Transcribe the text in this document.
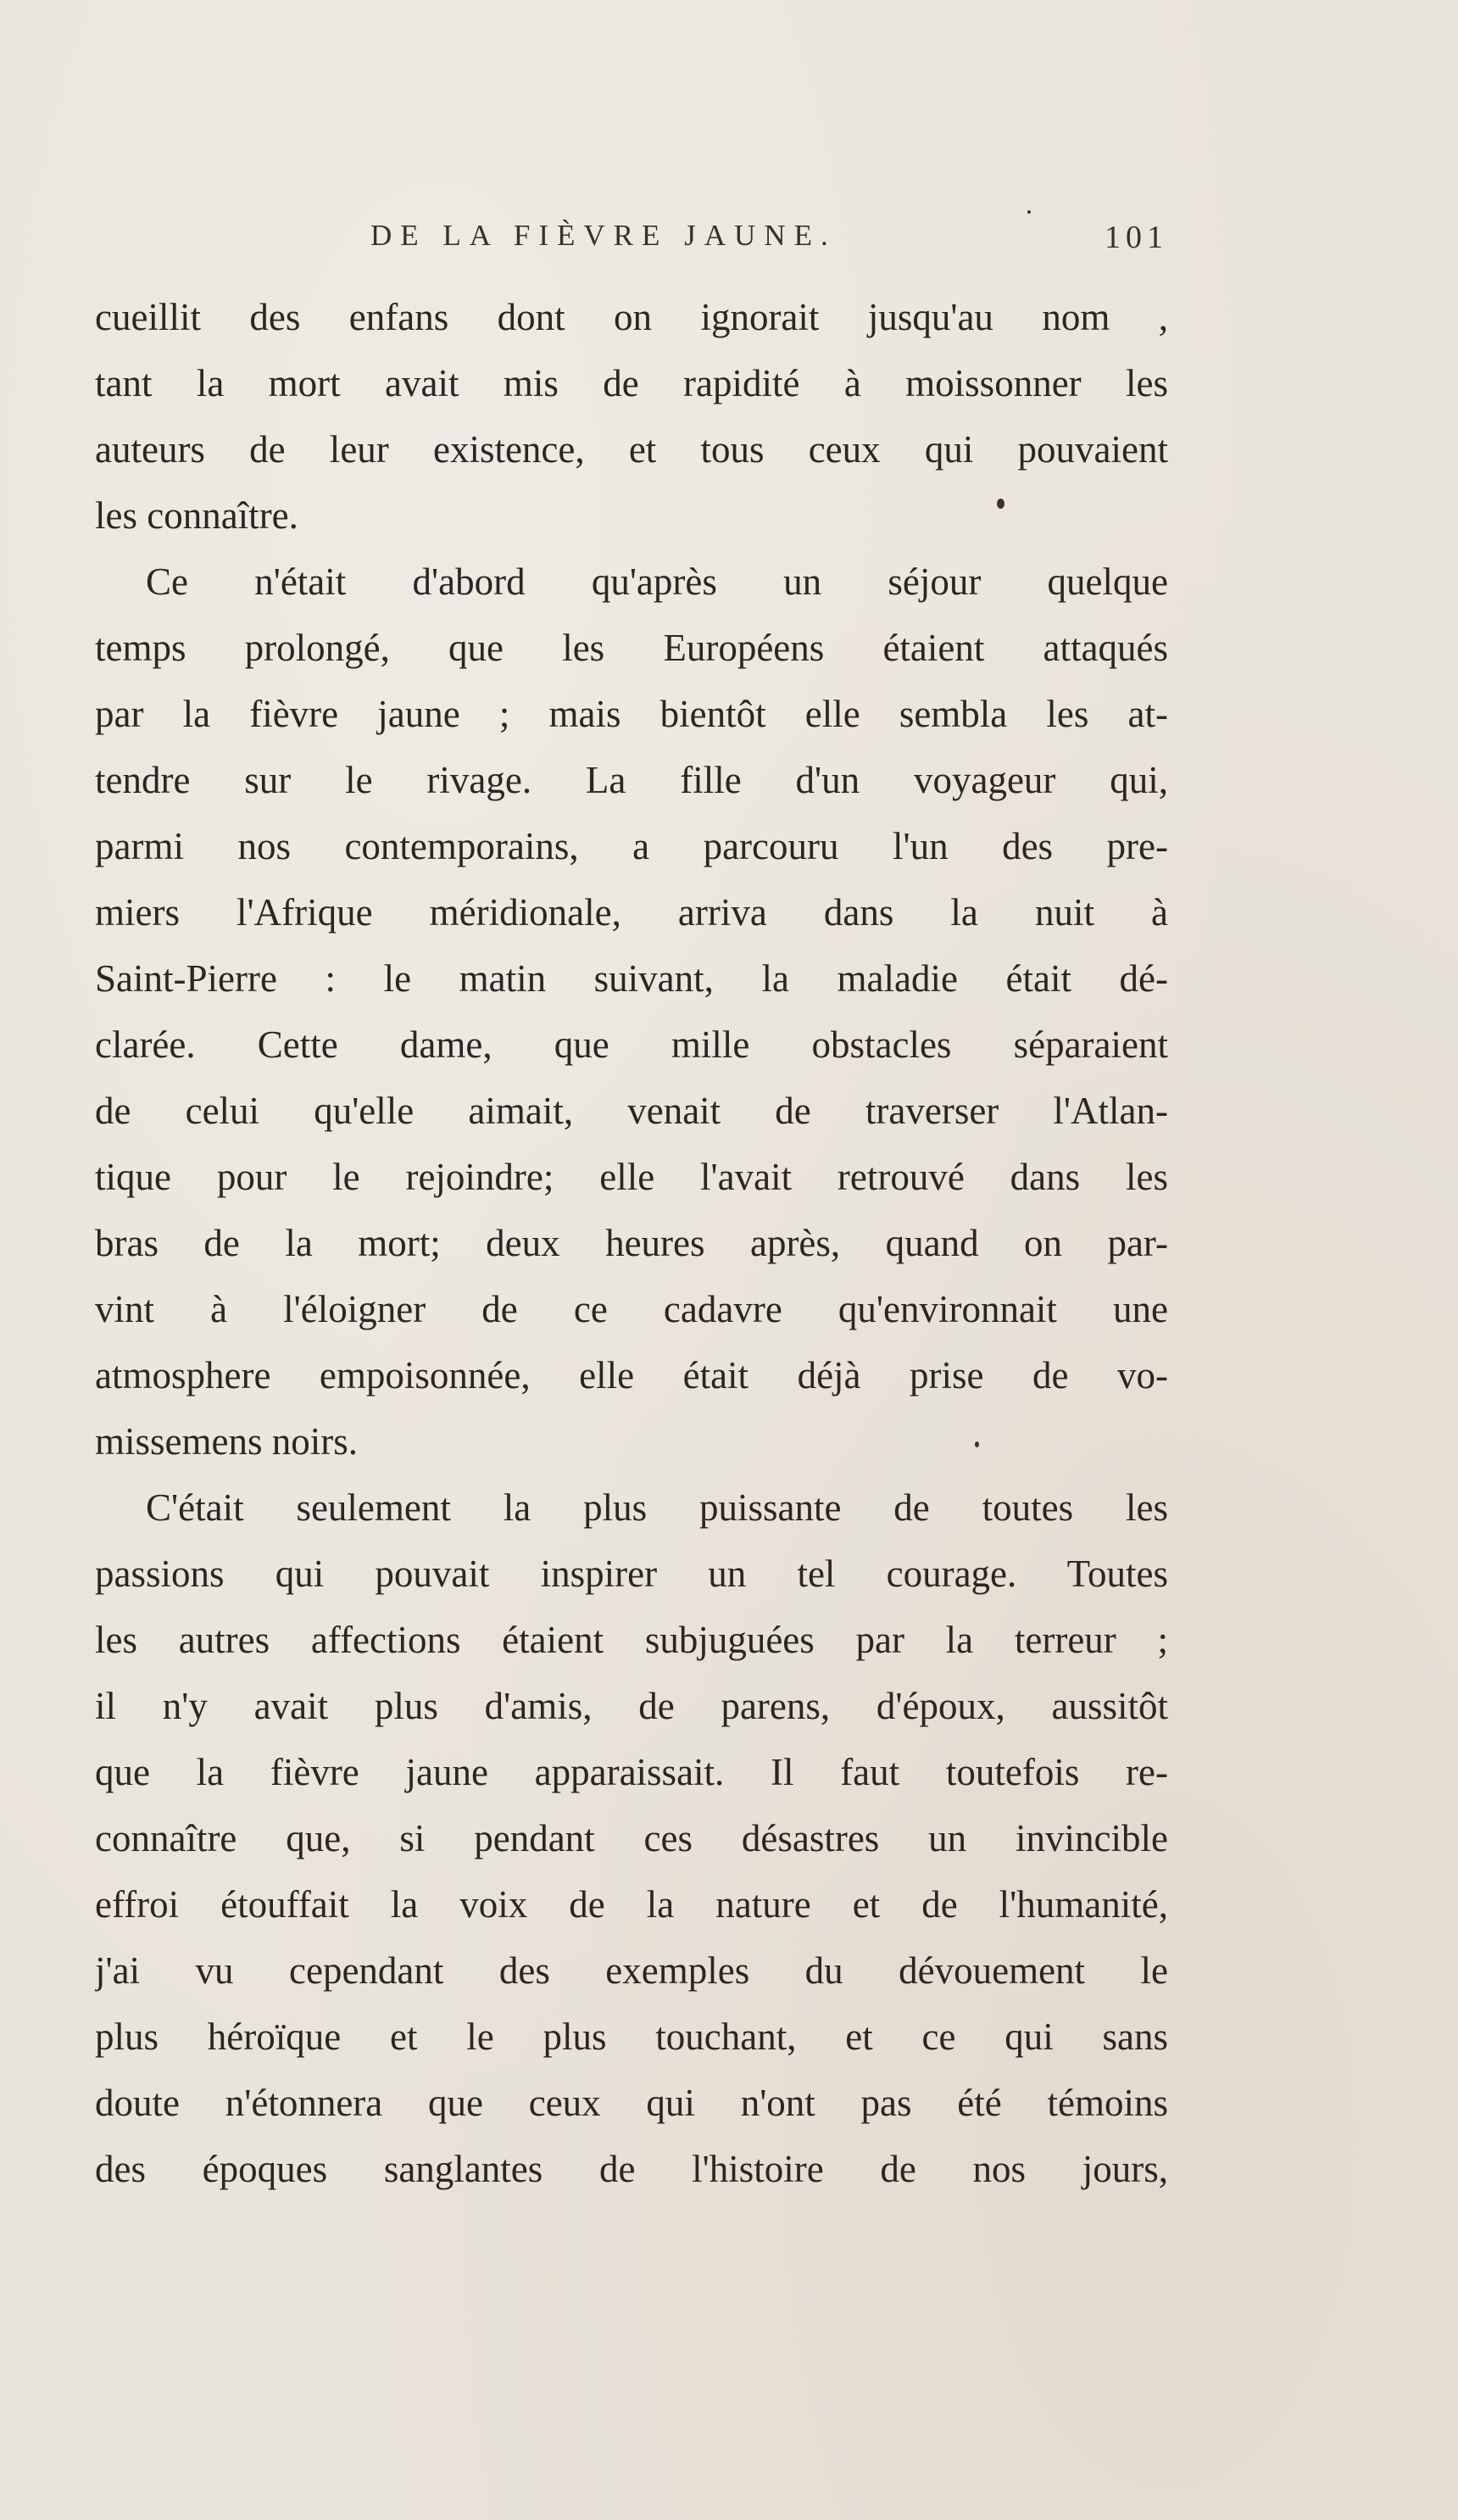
DE LA FIÈVRE JAUNE.	101
cueillit des enfans dont on ignorait jusqu'au nom ,
tant la mort avait mis de rapidité à moissonner les
auteurs de leur existence, et tous ceux qui pouvaient
les connaître.
Ce n'était d'abord qu'après un séjour quelque
temps prolongé, que les Européens étaient attaqués
par la fièvre jaune ; mais bientôt elle sembla les at-
tendre sur le rivage. La fille d'un voyageur qui,
parmi nos contemporains, a parcouru l'un des pre-
miers l'Afrique méridionale, arriva dans la nuit à
Saint-Pierre : le matin suivant, la maladie était dé-
clarée. Cette dame, que mille obstacles séparaient
de celui qu'elle aimait, venait de traverser l'Atlan-
tique pour le rejoindre; elle l'avait retrouvé dans les
bras de la mort; deux heures après, quand on par-
vint à l'éloigner de ce cadavre qu'environnait une
atmosphere empoisonnée, elle était déjà prise de vo-
missemens noirs.
C'était seulement la plus puissante de toutes les
passions qui pouvait inspirer un tel courage. Toutes
les autres affections étaient subjuguées par la terreur ;
il n'y avait plus d'amis, de parens, d'époux, aussitôt
que la fièvre jaune apparaissait. Il faut toutefois re-
connaître que, si pendant ces désastres un invincible
effroi étouffait la voix de la nature et de l'humanité,
j'ai vu cependant des exemples du dévouement le
plus héroïque et le plus touchant, et ce qui sans
doute n'étonnera que ceux qui n'ont pas été témoins
des époques sanglantes de l'histoire de nos jours,
